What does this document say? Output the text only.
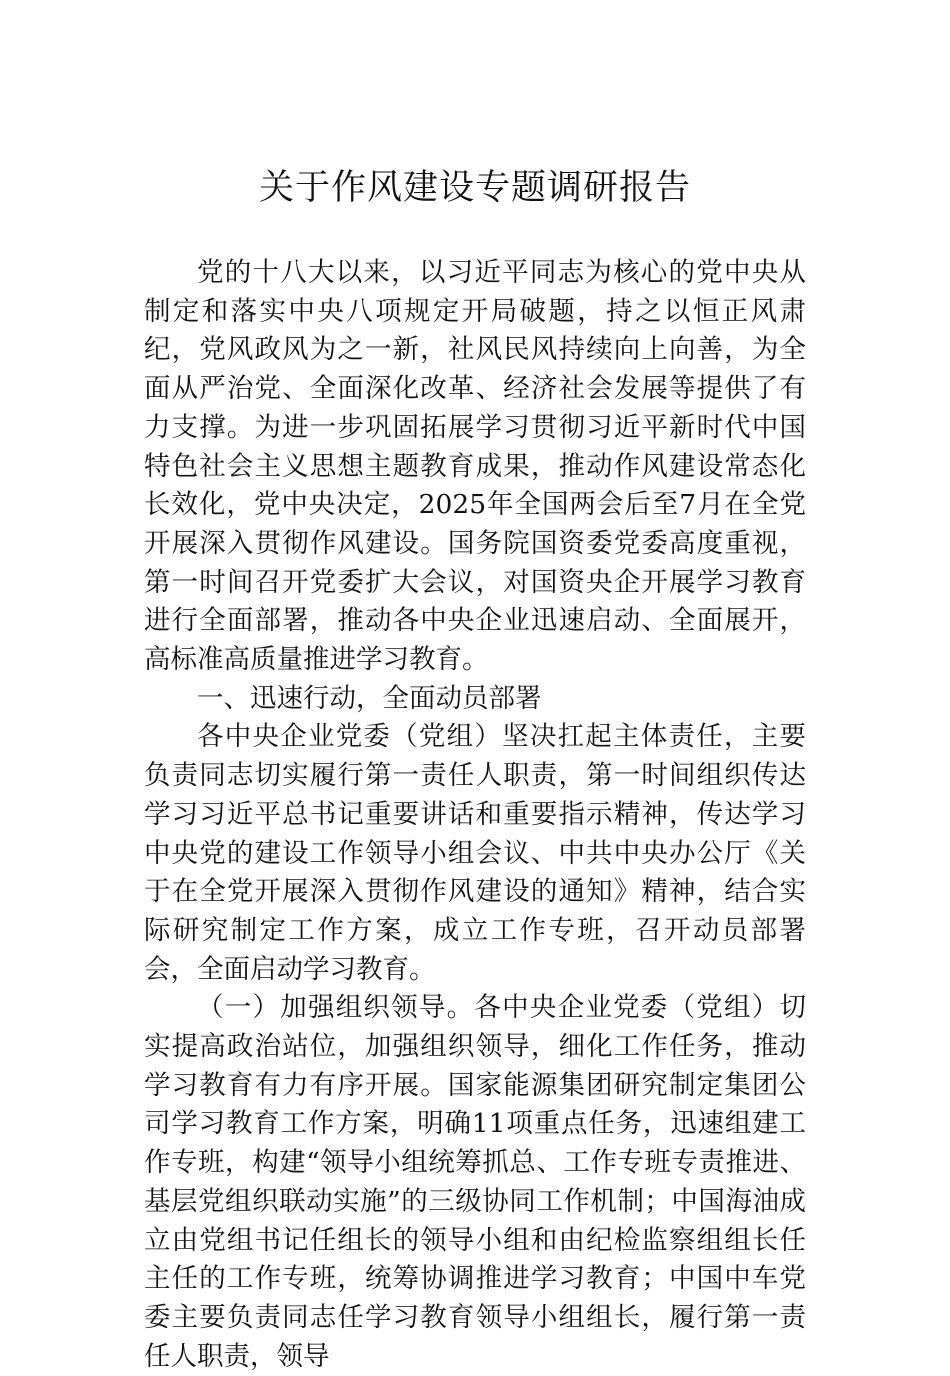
关于作风建设专题调研报告

党的十八大以来，以习近平同志为核心的党中央从制定和落实中央八项规定开局破题，持之以恒正风肃纪，党风政风为之一新，社风民风持续向上向善，为全面从严治党、全面深化改革、经济社会发展等提供了有力支撑。为进一步巩固拓展学习贯彻习近平新时代中国特色社会主义思想主题教育成果，推动作风建设常态化长效化，党中央决定，2025年全国两会后至7月在全党开展深入贯彻作风建设。国务院国资委党委高度重视，第一时间召开党委扩大会议，对国资央企开展学习教育进行全面部署，推动各中央企业迅速启动、全面展开，高标准高质量推进学习教育。

一、迅速行动，全面动员部署

各中央企业党委（党组）坚决扛起主体责任，主要负责同志切实履行第一责任人职责，第一时间组织传达学习习近平总书记重要讲话和重要指示精神，传达学习中央党的建设工作领导小组会议、中共中央办公厅《关于在全党开展深入贯彻作风建设的通知》精神，结合实际研究制定工作方案，成立工作专班，召开动员部署会，全面启动学习教育。

（一）加强组织领导。各中央企业党委（党组）切实提高政治站位，加强组织领导，细化工作任务，推动学习教育有力有序开展。国家能源集团研究制定集团公司学习教育工作方案，明确11项重点任务，迅速组建工作专班，构建“领导小组统筹抓总、工作专班专责推进、基层党组织联动实施”的三级协同工作机制；中国海油成立由党组书记任组长的领导小组和由纪检监察组组长任主任的工作专班，统筹协调推进学习教育；中国中车党委主要负责同志任学习教育领导小组组长，履行第一责任人职责，领导
